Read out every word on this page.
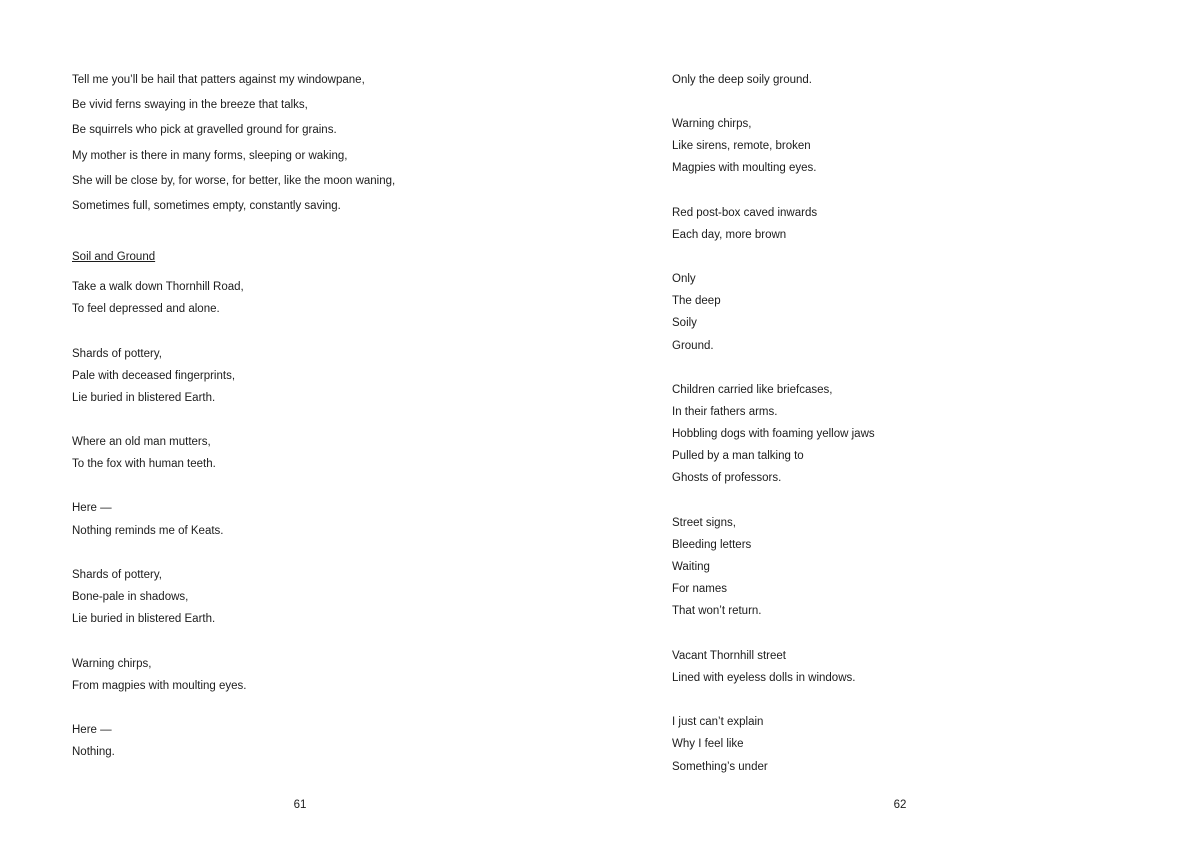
Tell me you’ll be hail that patters against my windowpane,
Be vivid ferns swaying in the breeze that talks,
Be squirrels who pick at gravelled ground for grains.
My mother is there in many forms, sleeping or waking,
She will be close by, for worse, for better, like the moon waning,
Sometimes full, sometimes empty, constantly saving.
Soil and Ground
Take a walk down Thornhill Road,
To feel depressed and alone.
Shards of pottery,
Pale with deceased fingerprints,
Lie buried in blistered Earth.
Where an old man mutters,
To the fox with human teeth.
Here —
Nothing reminds me of Keats.
Shards of pottery,
Bone-pale in shadows,
Lie buried in blistered Earth.
Warning chirps,
From magpies with moulting eyes.
Here —
Nothing.
61
Only the deep soily ground.
Warning chirps,
Like sirens, remote, broken
Magpies with moulting eyes.
Red post-box caved inwards
Each day, more brown
Only
The deep
Soily
Ground.
Children carried like briefcases,
In their fathers arms.
Hobbling dogs with foaming yellow jaws
Pulled by a man talking to
Ghosts of professors.
Street signs,
Bleeding letters
Waiting
For names
That won’t return.
Vacant Thornhill street
Lined with eyeless dolls in windows.
I just can’t explain
Why I feel like
Something’s under
62
